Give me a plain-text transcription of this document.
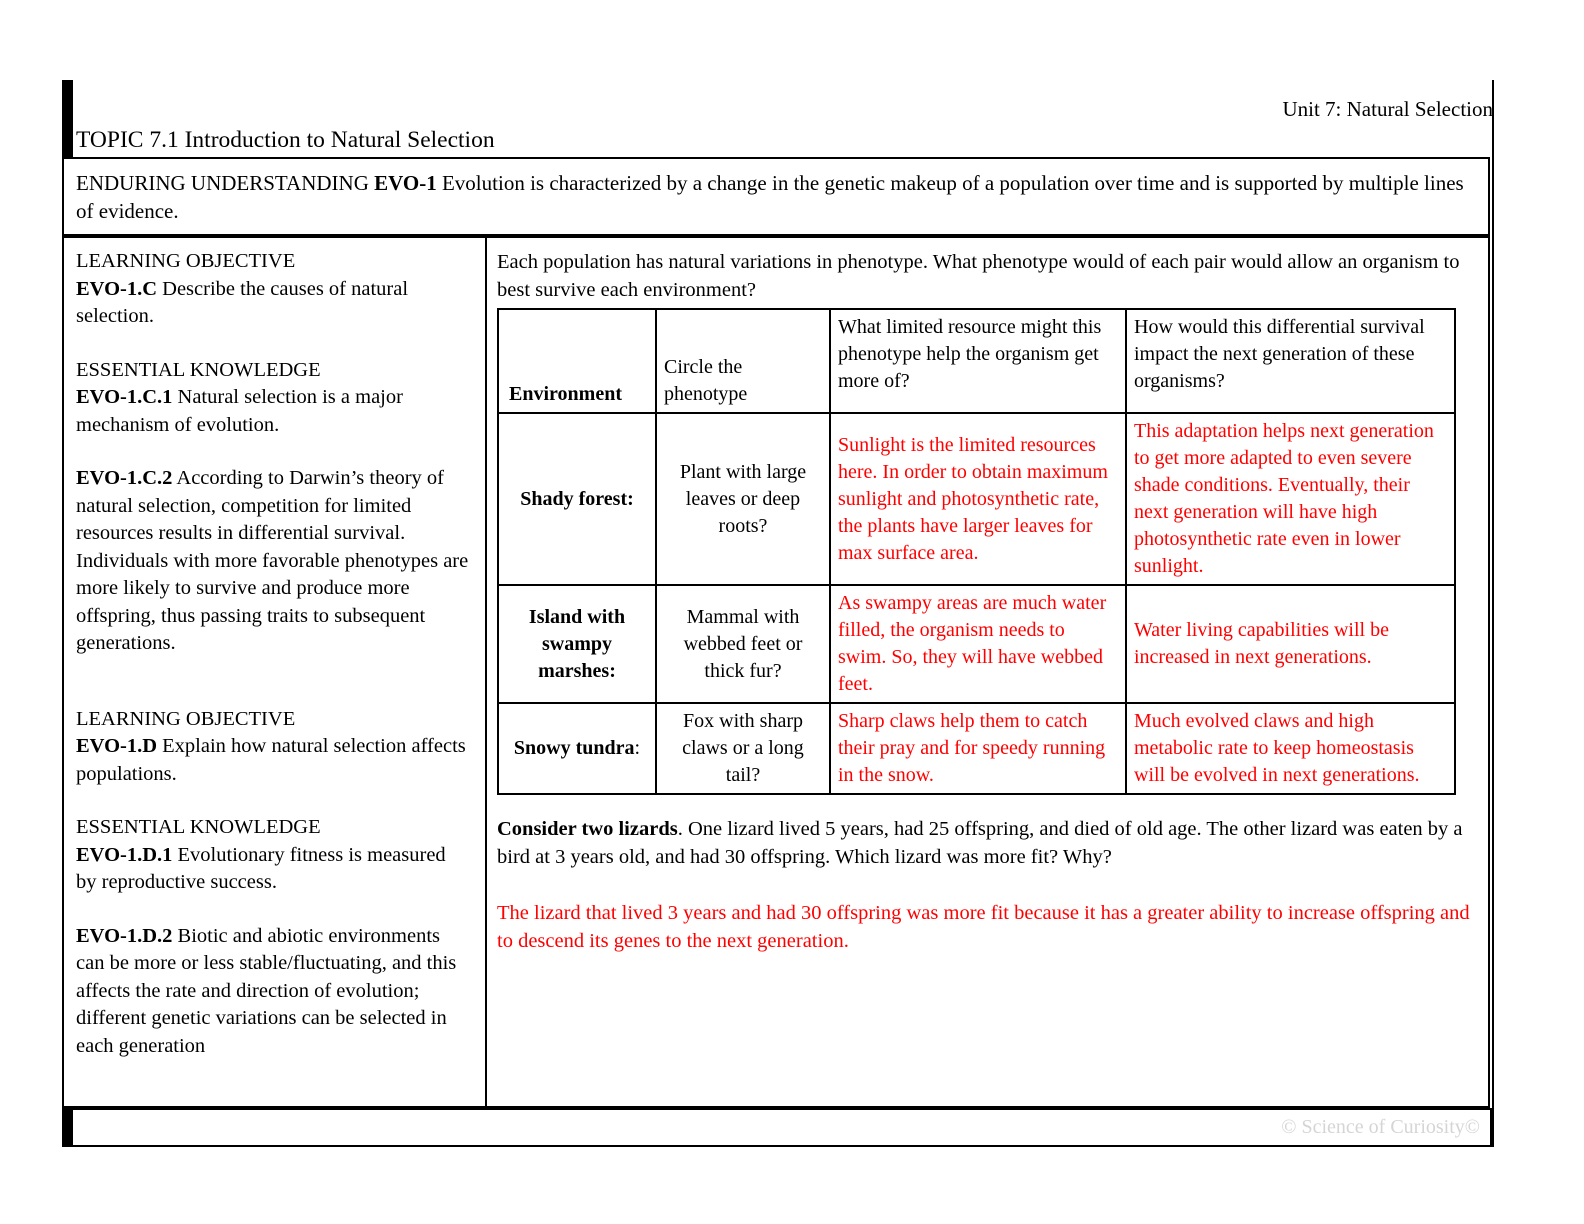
Unit 7: Natural Selection
TOPIC 7.1 Introduction to Natural Selection
ENDURING UNDERSTANDING EVO-1 Evolution is characterized by a change in the genetic makeup of a population over time and is supported by multiple lines of evidence.
LEARNING OBJECTIVE
EVO-1.C Describe the causes of natural selection.
ESSENTIAL KNOWLEDGE
EVO-1.C.1 Natural selection is a major mechanism of evolution.
EVO-1.C.2 According to Darwin’s theory of natural selection, competition for limited resources results in differential survival. Individuals with more favorable phenotypes are more likely to survive and produce more offspring, thus passing traits to subsequent generations.
LEARNING OBJECTIVE
EVO-1.D Explain how natural selection affects populations.
ESSENTIAL KNOWLEDGE
EVO-1.D.1 Evolutionary fitness is measured by reproductive success.
EVO-1.D.2 Biotic and abiotic environments can be more or less stable/fluctuating, and this affects the rate and direction of evolution; different genetic variations can be selected in each generation
Each population has natural variations in phenotype. What phenotype would of each pair would allow an organism to best survive each environment?
Environment	Circle the phenotype	What limited resource might this phenotype help the organism get more of?	How would this differential survival impact the next generation of these organisms?
Shady forest:	Plant with large leaves or deep roots?	Sunlight is the limited resources here. In order to obtain maximum sunlight and photosynthetic rate, the plants have larger leaves for max surface area.	This adaptation helps next generation to get more adapted to even severe shade conditions. Eventually, their next generation will have high photosynthetic rate even in lower sunlight.
Island with swampy marshes:	Mammal with webbed feet or thick fur?	As swampy areas are much water filled, the organism needs to swim. So, they will have webbed feet.	Water living capabilities will be increased in next generations.
Snowy tundra:	Fox with sharp claws or a long tail?	Sharp claws help them to catch their pray and for speedy running in the snow.	Much evolved claws and high metabolic rate to keep homeostasis will be evolved in next generations.
Consider two lizards. One lizard lived 5 years, had 25 offspring, and died of old age. The other lizard was eaten by a bird at 3 years old, and had 30 offspring. Which lizard was more fit? Why?
The lizard that lived 3 years and had 30 offspring was more fit because it has a greater ability to increase offspring and to descend its genes to the next generation.
© Science of Curiosity©
